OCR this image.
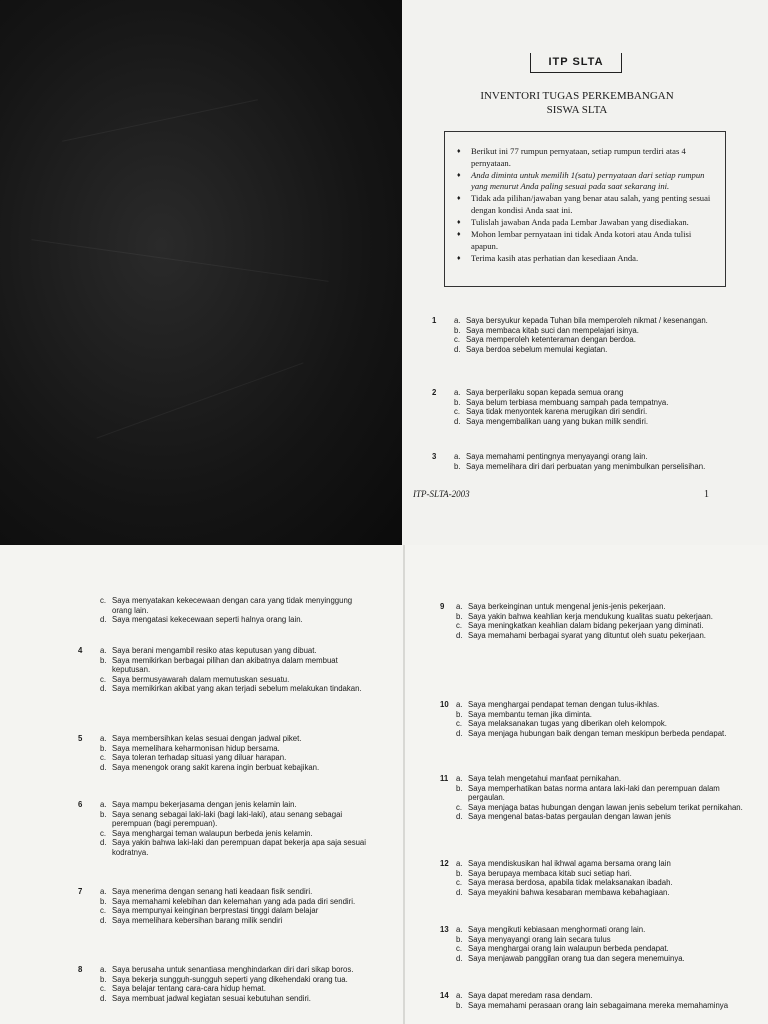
ITP SLTA
INVENTORI TUGAS PERKEMBANGAN
SISWA SLTA
♦ Berikut ini 77 rumpun pernyataan, setiap rumpun terdiri atas 4 pernyataan.
♦ Anda diminta untuk memilih 1(satu) pernyataan dari setiap rumpun yang menurut Anda paling sesuai pada saat sekarang ini.
♦ Tidak ada pilihan/jawaban yang benar atau salah, yang penting sesuai dengan kondisi Anda saat ini.
♦ Tulislah jawaban Anda pada Lembar Jawaban yang disediakan.
♦ Mohon lembar pernyataan ini tidak Anda kotori atau Anda tulisi apapun.
♦ Terima kasih atas perhatian dan kesediaan Anda.
1 a. Saya bersyukur kepada Tuhan bila memperoleh nikmat / kesenangan.
b. Saya membaca kitab suci dan mempelajari isinya.
c. Saya memperoleh ketenteraman dengan berdoa.
d. Saya berdoa sebelum memulai kegiatan.
2 a. Saya berperilaku sopan kepada semua orang
b. Saya belum terbiasa membuang sampah pada tempatnya.
c. Saya tidak menyontek karena merugikan diri sendiri.
d. Saya mengembalikan uang yang bukan milik sendiri.
3 a. Saya memahami pentingnya menyayangi orang lain.
b. Saya memelihara diri dari perbuatan yang menimbulkan perselisihan.
ITP-SLTA-2003	1
c. Saya menyatakan kekecewaan dengan cara yang tidak menyinggung orang lain.
d. Saya mengatasi kekecewaan seperti halnya orang lain.
4 a. Saya berani mengambil resiko atas keputusan yang dibuat.
b. Saya memikirkan berbagai pilihan dan akibatnya dalam membuat keputusan.
c. Saya bermusyawarah dalam memutuskan sesuatu.
d. Saya memikirkan akibat yang akan terjadi sebelum melakukan tindakan.
5 a. Saya membersihkan kelas sesuai dengan jadwal piket.
b. Saya memelihara keharmonisan hidup bersama.
c. Saya toleran terhadap situasi yang diluar harapan.
d. Saya menengok orang sakit karena ingin berbuat kebajikan.
6 a. Saya mampu bekerjasama dengan jenis kelamin lain.
b. Saya senang sebagai laki-laki (bagi laki-laki), atau senang sebagai perempuan (bagi perempuan).
c. Saya menghargai teman walaupun berbeda jenis kelamin.
d. Saya yakin bahwa laki-laki dan perempuan dapat bekerja apa saja sesuai kodratnya.
7 a. Saya menerima dengan senang hati keadaan fisik sendiri.
b. Saya memahami kelebihan dan kelemahan yang ada pada diri sendiri.
c. Saya mempunyai keinginan berprestasi tinggi dalam belajar
d. Saya memelihara kebersihan barang milik sendiri
8 a. Saya berusaha untuk senantiasa menghindarkan diri dari sikap boros.
b. Saya bekerja sungguh-sungguh seperti yang dikehendaki orang tua.
c. Saya belajar tentang cara-cara hidup hemat.
d. Saya membuat jadwal kegiatan sesuai kebutuhan sendiri.
9 a. Saya berkeinginan untuk mengenal jenis-jenis pekerjaan.
b. Saya yakin bahwa keahlian kerja mendukung kualitas suatu pekerjaan.
c. Saya meningkatkan keahlian dalam bidang pekerjaan yang diminati.
d. Saya memahami berbagai syarat yang dituntut oleh suatu pekerjaan.
10 a. Saya menghargai pendapat teman dengan tulus-ikhlas.
b. Saya membantu teman jika diminta.
c. Saya melaksanakan tugas yang diberikan oleh kelompok.
d. Saya menjaga hubungan baik dengan teman meskipun berbeda pendapat.
11 a. Saya telah mengetahui manfaat pernikahan.
b. Saya memperhatikan batas norma antara laki-laki dan perempuan dalam pergaulan.
c. Saya menjaga batas hubungan dengan lawan jenis sebelum terikat pernikahan.
d. Saya mengenal batas-batas pergaulan dengan lawan jenis
12 a. Saya mendiskusikan hal ikhwal agama bersama orang lain
b. Saya berupaya membaca kitab suci setiap hari.
c. Saya merasa berdosa, apabila tidak melaksanakan ibadah.
d. Saya meyakini bahwa kesabaran membawa kebahagiaan.
13 a. Saya mengikuti kebiasaan menghormati orang lain.
b. Saya menyayangi orang lain secara tulus
c. Saya menghargai orang lain walaupun berbeda pendapat.
d. Saya menjawab panggilan orang tua dan segera menemuinya.
14 a. Saya dapat meredam rasa dendam.
b. Saya memahami perasaan orang lain sebagaimana mereka memahaminya
